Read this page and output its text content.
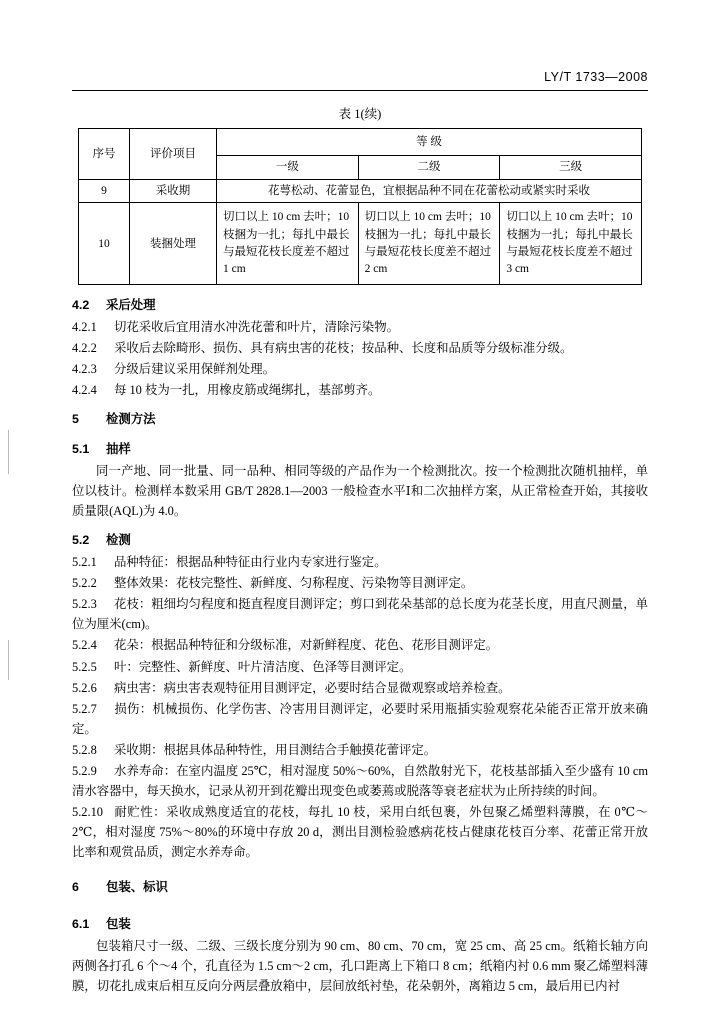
LY/T 1733—2008
表 1(续)
序号	评价项目	等 级		
		一级	二级	三级
9	采收期	花萼松动、花蕾显色，宜根据品种不同在花蕾松动或紧实时采收		
10	装捆处理	切口以上 10 cm 去叶；10 枝捆为一扎；每扎中最长与最短花枝长度差不超过 1 cm	切口以上 10 cm 去叶；10 枝捆为一扎；每扎中最长与最短花枝长度差不超过 2 cm	切口以上 10 cm 去叶；10 枝捆为一扎；每扎中最长与最短花枝长度差不超过 3 cm
4.2 采后处理
4.2.1 切花采收后宜用清水冲洗花蕾和叶片，清除污染物。
4.2.2 采收后去除畸形、损伤、具有病虫害的花枝；按品种、长度和品质等分级标准分级。
4.2.3 分级后建议采用保鲜剂处理。
4.2.4 每 10 枝为一扎，用橡皮筋或绳绑扎，基部剪齐。
5 检测方法
5.1 抽样
同一产地、同一批量、同一品种、相同等级的产品作为一个检测批次。按一个检测批次随机抽样，单位以枝计。检测样本数采用 GB/T 2828.1—2003 一般检查水平Ⅰ和二次抽样方案，从正常检查开始，其接收质量限(AQL)为 4.0。
5.2 检测
5.2.1 品种特征：根据品种特征由行业内专家进行鉴定。
5.2.2 整体效果：花枝完整性、新鲜度、匀称程度、污染物等目测评定。
5.2.3 花枝：粗细均匀程度和挺直程度目测评定；剪口到花朵基部的总长度为花茎长度，用直尺测量，单位为厘米(cm)。
5.2.4 花朵：根据品种特征和分级标准，对新鲜程度、花色、花形目测评定。
5.2.5 叶：完整性、新鲜度、叶片清洁度、色泽等目测评定。
5.2.6 病虫害：病虫害表观特征用目测评定，必要时结合显微观察或培养检查。
5.2.7 损伤：机械损伤、化学伤害、冷害用目测评定，必要时采用瓶插实验观察花朵能否正常开放来确定。
5.2.8 采收期：根据具体品种特性，用目测结合手触摸花蕾评定。
5.2.9 水养寿命：在室内温度 25℃，相对湿度 50%～60%，自然散射光下，花枝基部插入至少盛有 10 cm 清水容器中，每天换水，记录从初开到花瓣出现变色或萎蔫或脱落等衰老症状为止所持续的时间。
5.2.10 耐贮性：采收成熟度适宜的花枝，每扎 10 枝，采用白纸包裹，外包聚乙烯塑料薄膜，在 0℃～2℃，相对湿度 75%～80%的环境中存放 20 d，测出目测检验感病花枝占健康花枝百分率、花蕾正常开放比率和观赏品质，测定水养寿命。
6 包装、标识
6.1 包装
包装箱尺寸一级、二级、三级长度分别为 90 cm、80 cm、70 cm，宽 25 cm、高 25 cm。纸箱长轴方向两侧各打孔 6 个～4 个，孔直径为 1.5 cm～2 cm，孔口距离上下箱口 8 cm；纸箱内衬 0.6 mm 聚乙烯塑料薄膜，切花扎成束后相互反向分两层叠放箱中，层间放纸衬垫，花朵朝外，离箱边 5 cm，最后用已内衬
